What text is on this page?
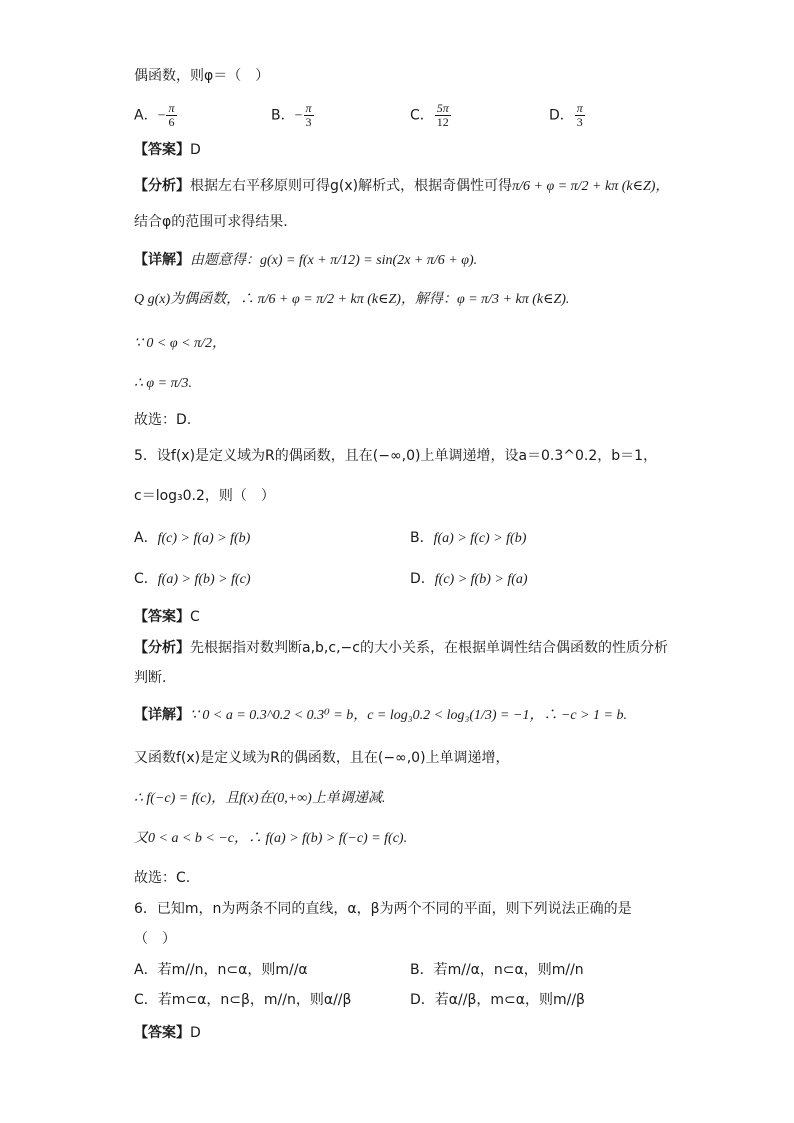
偶函数，则φ＝（　）
A．− $\frac{\pi}{6}$	B．− $\frac{\pi}{3}$	C． $\frac{5\pi}{12}$	D． $\frac{\pi}{3}$
【答案】D
【分析】根据左右平移原则可得g(x)解析式，根据奇偶性可得π/6 + φ = π/2 + kπ (k∈Z)，
结合φ的范围可求得结果.
【详解】由题意得：g(x) = f(x + π/12) = sin(2x + π/6 + φ).
Q g(x)为偶函数，∴ π/6 + φ = π/2 + kπ (k∈Z)，解得：φ = π/3 + kπ (k∈Z).
∵ 0 < φ < π/2，
∴ φ = π/3.
故选：D.
5．设f(x)是定义域为R的偶函数，且在(−∞,0)上单调递增，设a＝0.3^0.2，b＝1，
c＝log₃0.2，则（　）
A．f(c) > f(a) > f(b)	B．f(a) > f(c) > f(b)
C．f(a) > f(b) > f(c)	D．f(c) > f(b) > f(a)
【答案】C
【分析】先根据指对数判断a,b,c,−c的大小关系，在根据单调性结合偶函数的性质分析
判断.
【详解】∵ 0 < a = 0.3^0.2 < 0.3⁰ = b，c = log₃0.2 < log₃(1/3) = −1，∴ −c > 1 = b.
又函数f(x)是定义域为R的偶函数，且在(−∞,0)上单调递增，
∴ f(−c) = f(c)，且f(x)在(0,+∞)上单调递减.
又0 < a < b < −c，∴ f(a) > f(b) > f(−c) = f(c).
故选：C.
6．已知m，n为两条不同的直线，α，β为两个不同的平面，则下列说法正确的是
（　）
A．若m//n，n⊂α，则m//α	B．若m//α，n⊂α，则m//n
C．若m⊂α，n⊂β，m//n，则α//β	D．若α//β，m⊂α，则m//β
【答案】D
